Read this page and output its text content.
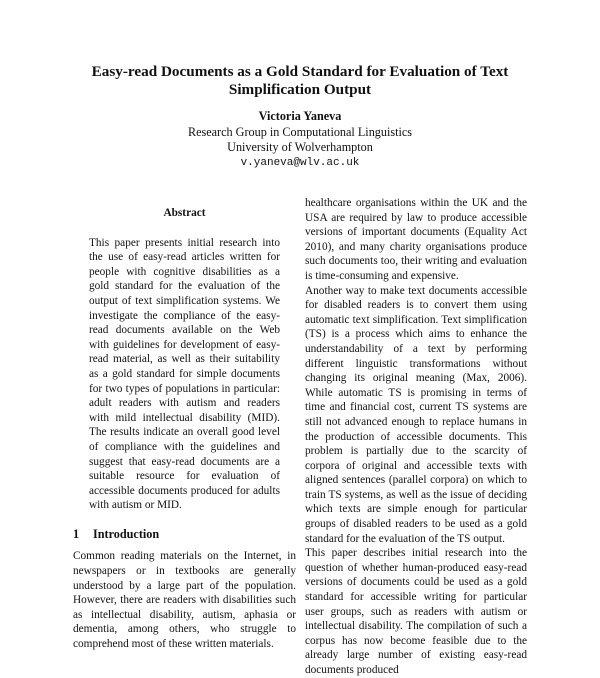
Easy-read Documents as a Gold Standard for Evaluation of Text
Simplification Output
Victoria Yaneva
Research Group in Computational Linguistics
University of Wolverhampton
v.yaneva@wlv.ac.uk
Abstract

This paper presents initial research into the use of easy-read articles written for people with cognitive disabilities as a gold standard for the evaluation of the output of text simplification systems. We investigate the compliance of the easy-read documents available on the Web with guidelines for development of easy-read material, as well as their suitability as a gold standard for simple documents for two types of populations in particular: adult readers with autism and readers with mild intellectual disability (MID). The results indicate an overall good level of compliance with the guidelines and suggest that easy-read documents are a suitable resource for evaluation of accessible documents produced for adults with autism or MID.

1 Introduction

Common reading materials on the Internet, in newspapers or in textbooks are generally understood by a large part of the population. However, there are readers with disabilities such as intellectual disability, autism, aphasia or dementia, among others, who struggle to comprehend most of these written materials.

healthcare organisations within the UK and the USA are required by law to produce accessible versions of important documents (Equality Act 2010), and many charity organisations produce such documents too, their writing and evaluation is time-consuming and expensive.

Another way to make text documents accessible for disabled readers is to convert them using automatic text simplification. Text simplification (TS) is a process which aims to enhance the understandability of a text by performing different linguistic transformations without changing its original meaning (Max, 2006). While automatic TS is promising in terms of time and financial cost, current TS systems are still not advanced enough to replace humans in the production of accessible documents. This problem is partially due to the scarcity of corpora of original and accessible texts with aligned sentences (parallel corpora) on which to train TS systems, as well as the issue of deciding which texts are simple enough for particular groups of disabled readers to be used as a gold standard for the evaluation of the TS output.

This paper describes initial research into the question of whether human-produced easy-read versions of documents could be used as a gold standard for accessible writing for particular user groups, such as readers with autism or intellectual disability. The compilation of such a corpus has now become feasible due to the already large number of existing easy-read documents produced
